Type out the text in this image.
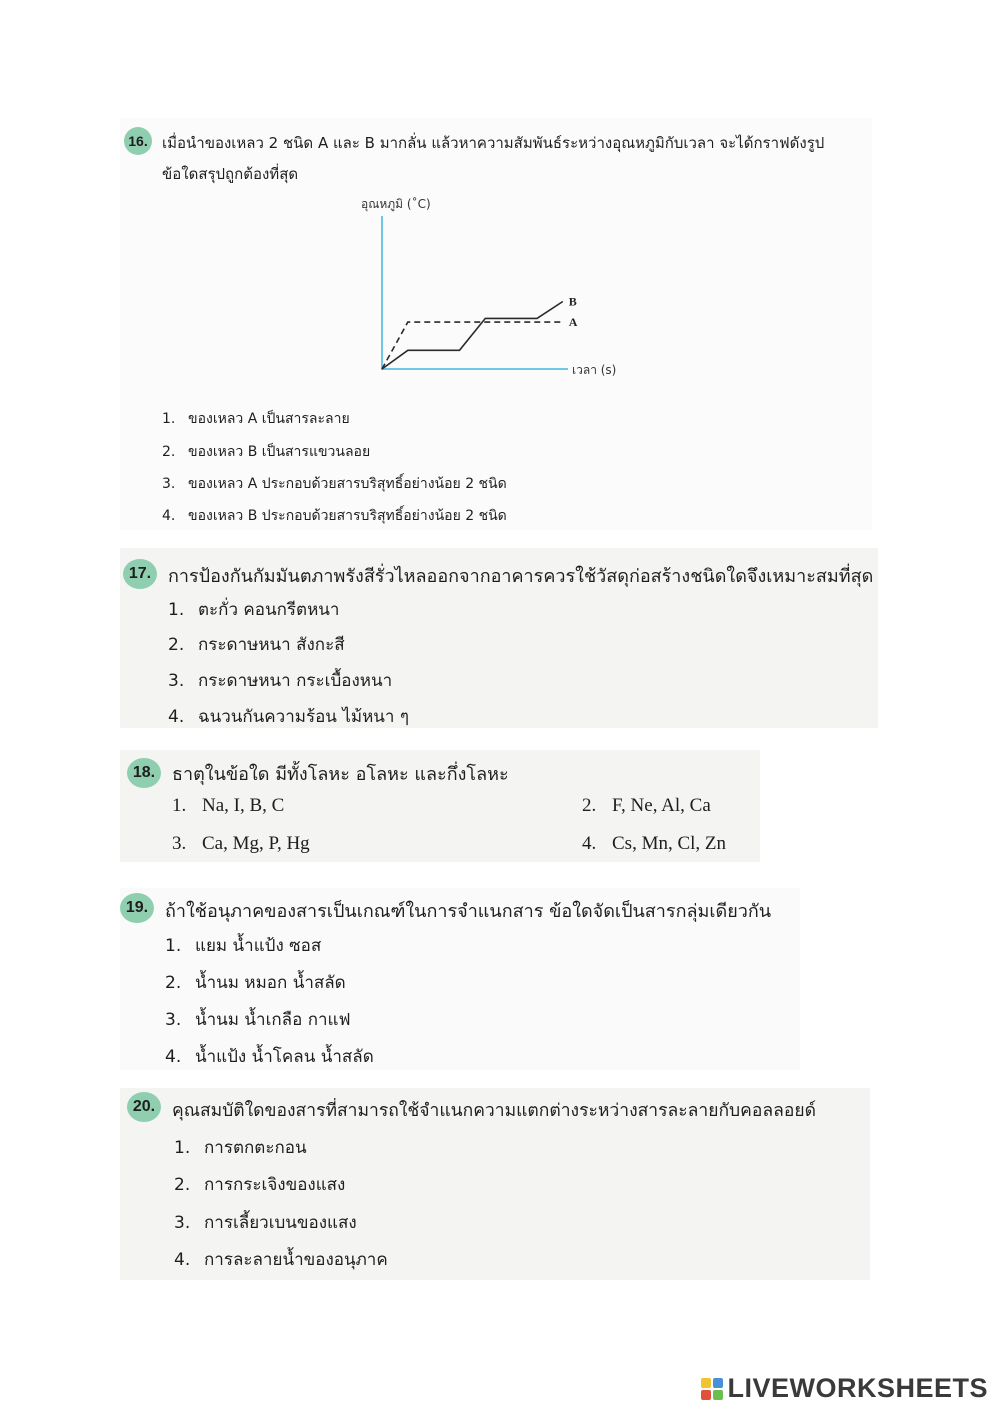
16. เมื่อนำของเหลว 2 ชนิด A และ B มากลั่น แล้วหาความสัมพันธ์ระหว่างอุณหภูมิกับเวลา จะได้กราฟดังรูป
ข้อใดสรุปถูกต้องที่สุด
อุณหภูมิ (˚C)
เวลา (s)
A
B
1. ของเหลว A เป็นสารละลาย
2. ของเหลว B เป็นสารแขวนลอย
3. ของเหลว A ประกอบด้วยสารบริสุทธิ์อย่างน้อย 2 ชนิด
4. ของเหลว B ประกอบด้วยสารบริสุทธิ์อย่างน้อย 2 ชนิด
17. การป้องกันกัมมันตภาพรังสีรั่วไหลออกจากอาคารควรใช้วัสดุก่อสร้างชนิดใดจึงเหมาะสมที่สุด
1. ตะกั่ว คอนกรีตหนา
2. กระดาษหนา สังกะสี
3. กระดาษหนา กระเบื้องหนา
4. ฉนวนกันความร้อน ไม้หนา ๆ
18. ธาตุในข้อใด มีทั้งโลหะ อโลหะ และกึ่งโลหะ
1. Na, I, B, C	2. F, Ne, Al, Ca
3. Ca, Mg, P, Hg	4. Cs, Mn, Cl, Zn
19. ถ้าใช้อนุภาคของสารเป็นเกณฑ์ในการจำแนกสาร ข้อใดจัดเป็นสารกลุ่มเดียวกัน
1. แยม น้ำแป้ง ซอส
2. น้ำนม หมอก น้ำสลัด
3. น้ำนม น้ำเกลือ กาแฟ
4. น้ำแป้ง น้ำโคลน น้ำสลัด
20. คุณสมบัติใดของสารที่สามารถใช้จำแนกความแตกต่างระหว่างสารละลายกับคอลลอยด์
1. การตกตะกอน
2. การกระเจิงของแสง
3. การเลี้ยวเบนของแสง
4. การละลายน้ำของอนุภาค
LIVEWORKSHEETS
